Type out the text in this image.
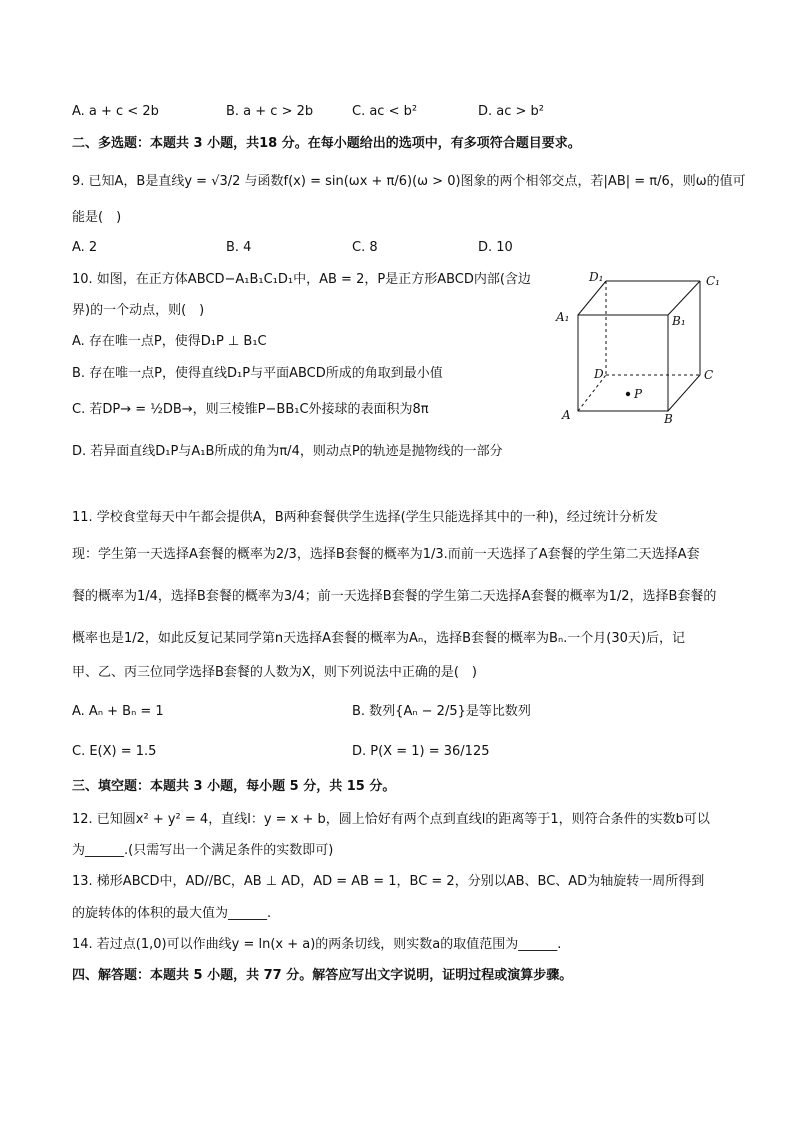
A. a + c < 2b	B. a + c > 2b	C. ac < b²	D. ac > b²
二、多选题：本题共 3 小题，共18 分。在每小题给出的选项中，有多项符合题目要求。
9. 已知A，B是直线y = √3/2 与函数f(x) = sin(ωx + π/6)(ω > 0)图象的两个相邻交点，若|AB| = π/6，则ω的值可
能是(　)
A. 2	B. 4	C. 8	D. 10
10. 如图，在正方体ABCD−A₁B₁C₁D₁中，AB = 2，P是正方形ABCD内部(含边
界)的一个动点，则(　)
A. 存在唯一点P，使得D₁P ⊥ B₁C
B. 存在唯一点P，使得直线D₁P与平面ABCD所成的角取到最小值
C. 若DP→ = ½DB→，则三棱锥P−BB₁C外接球的表面积为8π
D. 若异面直线D₁P与A₁B所成的角为π/4，则动点P的轨迹是抛物线的一部分
D₁	C₁
A₁	B₁
D	C
A	B
P
11. 学校食堂每天中午都会提供A，B两种套餐供学生选择(学生只能选择其中的一种)，经过统计分析发
现：学生第一天选择A套餐的概率为2/3，选择B套餐的概率为1/3.而前一天选择了A套餐的学生第二天选择A套
餐的概率为1/4，选择B套餐的概率为3/4；前一天选择B套餐的学生第二天选择A套餐的概率为1/2，选择B套餐的
概率也是1/2，如此反复记某同学第n天选择A套餐的概率为Aₙ，选择B套餐的概率为Bₙ.一个月(30天)后，记
甲、乙、丙三位同学选择B套餐的人数为X，则下列说法中正确的是(　)
A. Aₙ + Bₙ = 1	B. 数列{Aₙ − 2/5}是等比数列
C. E(X) = 1.5	D. P(X = 1) = 36/125
三、填空题：本题共 3 小题，每小题 5 分，共 15 分。
12. 已知圆x² + y² = 4，直线l：y = x + b，圆上恰好有两个点到直线l的距离等于1，则符合条件的实数b可以
为______.(只需写出一个满足条件的实数即可)
13. 梯形ABCD中，AD//BC，AB ⊥ AD，AD = AB = 1，BC = 2，分别以AB、BC、AD为轴旋转一周所得到
的旋转体的体积的最大值为______.
14. 若过点(1,0)可以作曲线y = ln(x + a)的两条切线，则实数a的取值范围为______.
四、解答题：本题共 5 小题，共 77 分。解答应写出文字说明，证明过程或演算步骤。
